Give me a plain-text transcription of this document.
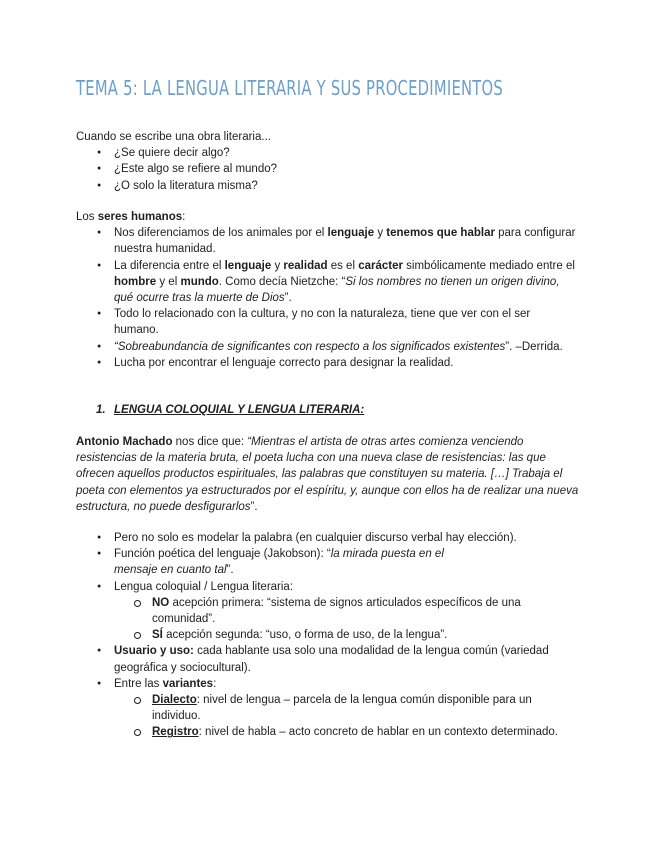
TEMA 5: LA LENGUA LITERARIA Y SUS PROCEDIMIENTOS

Cuando se escribe una obra literaria...

● ¿Se quiere decir algo?
● ¿Este algo se refiere al mundo?
● ¿O solo la literatura misma?

Los seres humanos:

● Nos diferenciamos de los animales por el lenguaje y tenemos que hablar para configurar nuestra humanidad.
● La diferencia entre el lenguaje y realidad es el carácter simbólicamente mediado entre el hombre y el mundo. Como decía Nietzche: “Si los nombres no tienen un origen divino, qué ocurre tras la muerte de Dios”.
● Todo lo relacionado con la cultura, y no con la naturaleza, tiene que ver con el ser humano.
● “Sobreabundancia de significantes con respecto a los significados existentes”. –Derrida.
● Lucha por encontrar el lenguaje correcto para designar la realidad.
1. LENGUA COLOQUIAL Y LENGUA LITERARIA:

Antonio Machado nos dice que: “Mientras el artista de otras artes comienza venciendo resistencias de la materia bruta, el poeta lucha con una nueva clase de resistencias: las que ofrecen aquellos productos espirituales, las palabras que constituyen su materia. […] Trabaja el poeta con elementos ya estructurados por el espíritu, y, aunque con ellos ha de realizar una nueva estructura, no puede desfigurarlos”.

● Pero no solo es modelar la palabra (en cualquier discurso verbal hay elección).
● Función poética del lenguaje (Jakobson): “la mirada puesta en el
mensaje en cuanto tal”.
● Lengua coloquial / Lengua literaria:
NO acepción primera: “sistema de signos articulados específicos de una comunidad”.
SÍ acepción segunda: “uso, o forma de uso, de la lengua”.
● Usuario y uso: cada hablante usa solo una modalidad de la lengua común (variedad geográfica y sociocultural).
● Entre las variantes:
Dialecto: nivel de lengua – parcela de la lengua común disponible para un individuo.
Registro: nivel de habla – acto concreto de hablar en un contexto determinado.
